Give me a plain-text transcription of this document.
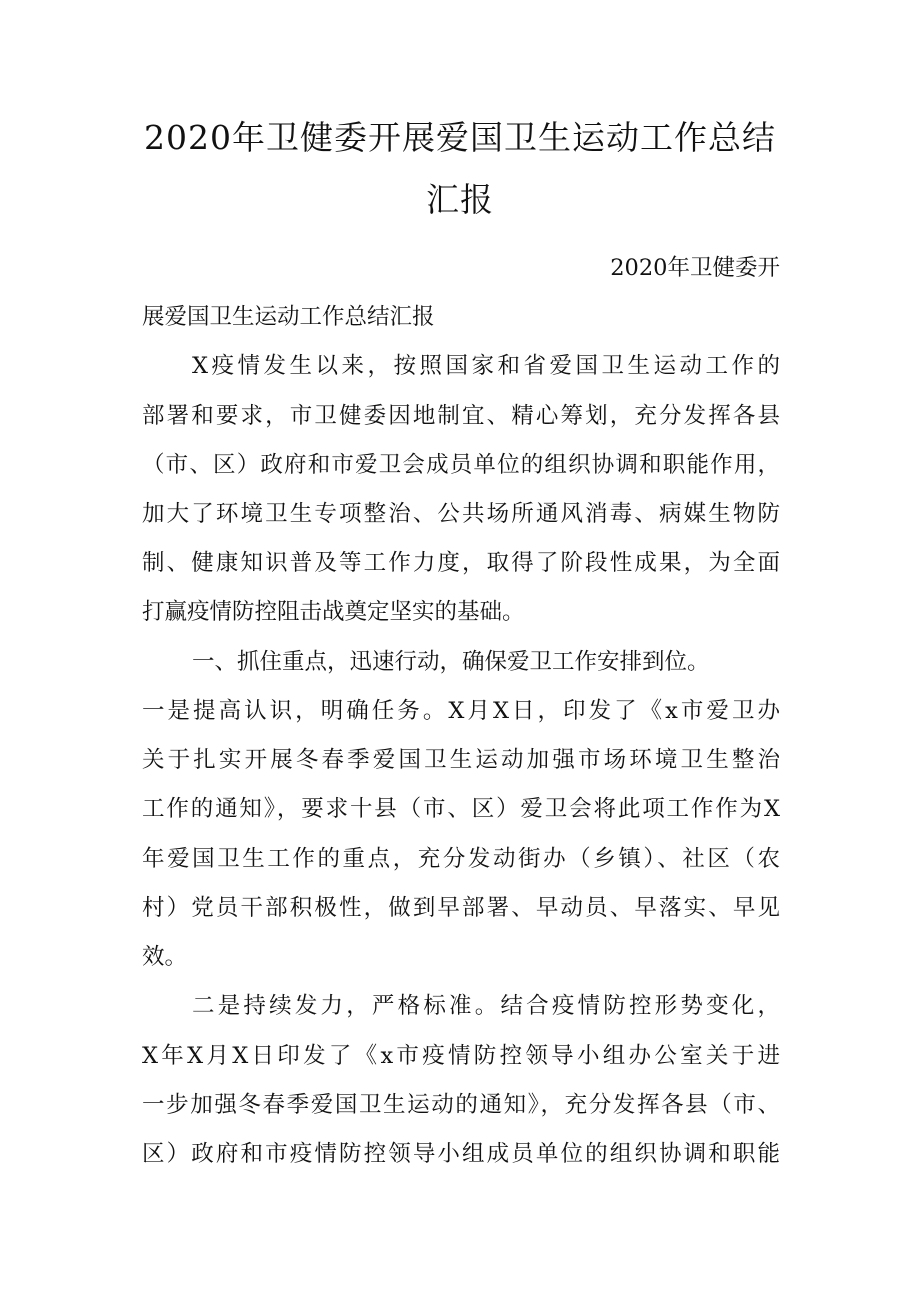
2020年卫健委开展爱国卫生运动工作总结
汇报

2020年卫健委开

展爱国卫生运动工作总结汇报

X疫情发生以来，按照国家和省爱国卫生运动工作的

部署和要求，市卫健委因地制宜、精心筹划，充分发挥各县

（市、区）政府和市爱卫会成员单位的组织协调和职能作用，

加大了环境卫生专项整治、公共场所通风消毒、病媒生物防

制、健康知识普及等工作力度，取得了阶段性成果，为全面

打赢疫情防控阻击战奠定坚实的基础。

一、抓住重点，迅速行动，确保爱卫工作安排到位。

一是提高认识，明确任务。X月X日，印发了《x市爱卫办

关于扎实开展冬春季爱国卫生运动加强市场环境卫生整治

工作的通知》，要求十县（市、区）爱卫会将此项工作作为X

年爱国卫生工作的重点，充分发动街办（乡镇）、社区（农

村）党员干部积极性，做到早部署、早动员、早落实、早见

效。

二是持续发力，严格标准。结合疫情防控形势变化，

X年X月X日印发了《x市疫情防控领导小组办公室关于进

一步加强冬春季爱国卫生运动的通知》，充分发挥各县（市、

区）政府和市疫情防控领导小组成员单位的组织协调和职能
